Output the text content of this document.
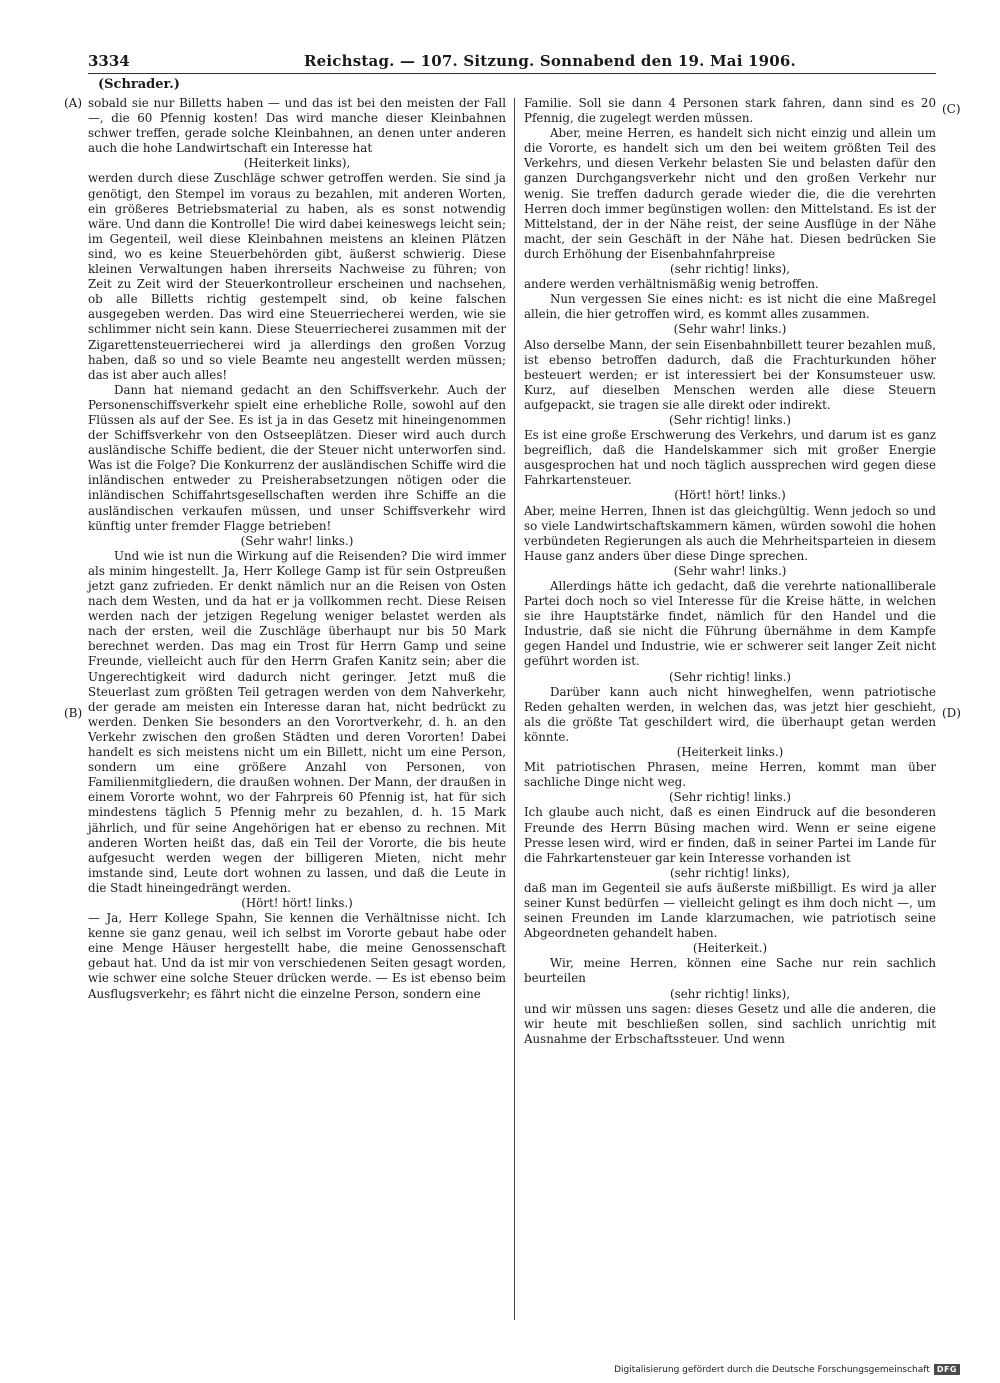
3334	Reichstag. — 107. Sitzung. Sonnabend den 19. Mai 1906.
(Schrader.)
(A)
(B)
(C)
(D)

sobald sie nur Billetts haben — und das ist bei den meisten der Fall —, die 60 Pfennig kosten! Das wird manche dieser Kleinbahnen schwer treffen, gerade solche Kleinbahnen, an denen unter anderen auch die hohe Landwirtschaft ein Interesse hat

(Heiterkeit links),

werden durch diese Zuschläge schwer getroffen werden. Sie sind ja genötigt, den Stempel im voraus zu bezahlen, mit anderen Worten, ein größeres Betriebsmaterial zu haben, als es sonst notwendig wäre. Und dann die Kontrolle! Die wird dabei keineswegs leicht sein; im Gegenteil, weil diese Kleinbahnen meistens an kleinen Plätzen sind, wo es keine Steuerbehörden gibt, äußerst schwierig. Diese kleinen Verwaltungen haben ihrerseits Nachweise zu führen; von Zeit zu Zeit wird der Steuerkontrolleur erscheinen und nachsehen, ob alle Billetts richtig gestempelt sind, ob keine falschen ausgegeben werden. Das wird eine Steuerriecherei werden, wie sie schlimmer nicht sein kann. Diese Steuerriecherei zusammen mit der Zigarettensteuerriecherei wird ja allerdings den großen Vorzug haben, daß so und so viele Beamte neu angestellt werden müssen; das ist aber auch alles!

Dann hat niemand gedacht an den Schiffsverkehr. Auch der Personenschiffsverkehr spielt eine erhebliche Rolle, sowohl auf den Flüssen als auf der See. Es ist ja in das Gesetz mit hineingenommen der Schiffsverkehr von den Ostseeplätzen. Dieser wird auch durch ausländische Schiffe bedient, die der Steuer nicht unterworfen sind. Was ist die Folge? Die Konkurrenz der ausländischen Schiffe wird die inländischen entweder zu Preisherabsetzungen nötigen oder die inländischen Schiffahrtsgesellschaften werden ihre Schiffe an die ausländischen verkaufen müssen, und unser Schiffsverkehr wird künftig unter fremder Flagge betrieben!

(Sehr wahr! links.)

Und wie ist nun die Wirkung auf die Reisenden? Die wird immer als minim hingestellt. Ja, Herr Kollege Gamp ist für sein Ostpreußen jetzt ganz zufrieden. Er denkt nämlich nur an die Reisen von Osten nach dem Westen, und da hat er ja vollkommen recht. Diese Reisen werden nach der jetzigen Regelung weniger belastet werden als nach der ersten, weil die Zuschläge überhaupt nur bis 50 Mark berechnet werden. Das mag ein Trost für Herrn Gamp und seine Freunde, vielleicht auch für den Herrn Grafen Kanitz sein; aber die Ungerechtigkeit wird dadurch nicht geringer. Jetzt muß die Steuerlast zum größten Teil getragen werden von dem Nahverkehr, der gerade am meisten ein Interesse daran hat, nicht bedrückt zu werden. Denken Sie besonders an den Vorortverkehr, d. h. an den Verkehr zwischen den großen Städten und deren Vororten! Dabei handelt es sich meistens nicht um ein Billett, nicht um eine Person, sondern um eine größere Anzahl von Personen, von Familienmitgliedern, die draußen wohnen. Der Mann, der draußen in einem Vororte wohnt, wo der Fahrpreis 60 Pfennig ist, hat für sich mindestens täglich 5 Pfennig mehr zu bezahlen, d. h. 15 Mark jährlich, und für seine Angehörigen hat er ebenso zu rechnen. Mit anderen Worten heißt das, daß ein Teil der Vororte, die bis heute aufgesucht werden wegen der billigeren Mieten, nicht mehr imstande sind, Leute dort wohnen zu lassen, und daß die Leute in die Stadt hineingedrängt werden.

(Hört! hört! links.)

— Ja, Herr Kollege Spahn, Sie kennen die Verhältnisse nicht. Ich kenne sie ganz genau, weil ich selbst im Vororte gebaut habe oder eine Menge Häuser hergestellt habe, die meine Genossenschaft gebaut hat. Und da ist mir von verschiedenen Seiten gesagt worden, wie schwer eine solche Steuer drücken werde. — Es ist ebenso beim Ausflugsverkehr; es fährt nicht die einzelne Person, sondern eine

Familie. Soll sie dann 4 Personen stark fahren, dann sind es 20 Pfennig, die zugelegt werden müssen.

Aber, meine Herren, es handelt sich nicht einzig und allein um die Vororte, es handelt sich um den bei weitem größten Teil des Verkehrs, und diesen Verkehr belasten Sie und belasten dafür den ganzen Durchgangsverkehr nicht und den großen Verkehr nur wenig. Sie treffen dadurch gerade wieder die, die die verehrten Herren doch immer begünstigen wollen: den Mittelstand. Es ist der Mittelstand, der in der Nähe reist, der seine Ausflüge in der Nähe macht, der sein Geschäft in der Nähe hat. Diesen bedrücken Sie durch Erhöhung der Eisenbahnfahrpreise

(sehr richtig! links),

andere werden verhältnismäßig wenig betroffen.

Nun vergessen Sie eines nicht: es ist nicht die eine Maßregel allein, die hier getroffen wird, es kommt alles zusammen.

(Sehr wahr! links.)

Also derselbe Mann, der sein Eisenbahnbillett teurer bezahlen muß, ist ebenso betroffen dadurch, daß die Frachturkunden höher besteuert werden; er ist interessiert bei der Konsumsteuer usw. Kurz, auf dieselben Menschen werden alle diese Steuern aufgepackt, sie tragen sie alle direkt oder indirekt.

(Sehr richtig! links.)

Es ist eine große Erschwerung des Verkehrs, und darum ist es ganz begreiflich, daß die Handelskammer sich mit großer Energie ausgesprochen hat und noch täglich aussprechen wird gegen diese Fahrkartensteuer.

(Hört! hört! links.)

Aber, meine Herren, Ihnen ist das gleichgültig. Wenn jedoch so und so viele Landwirtschaftskammern kämen, würden sowohl die hohen verbündeten Regierungen als auch die Mehrheitsparteien in diesem Hause ganz anders über diese Dinge sprechen.

(Sehr wahr! links.)

Allerdings hätte ich gedacht, daß die verehrte nationalliberale Partei doch noch so viel Interesse für die Kreise hätte, in welchen sie ihre Hauptstärke findet, nämlich für den Handel und die Industrie, daß sie nicht die Führung übernähme in dem Kampfe gegen Handel und Industrie, wie er schwerer seit langer Zeit nicht geführt worden ist.

(Sehr richtig! links.)

Darüber kann auch nicht hinweghelfen, wenn patriotische Reden gehalten werden, in welchen das, was jetzt hier geschieht, als die größte Tat geschildert wird, die überhaupt getan werden könnte.

(Heiterkeit links.)

Mit patriotischen Phrasen, meine Herren, kommt man über sachliche Dinge nicht weg.

(Sehr richtig! links.)

Ich glaube auch nicht, daß es einen Eindruck auf die besonderen Freunde des Herrn Büsing machen wird. Wenn er seine eigene Presse lesen wird, wird er finden, daß in seiner Partei im Lande für die Fahrkartensteuer gar kein Interesse vorhanden ist

(sehr richtig! links),

daß man im Gegenteil sie aufs äußerste mißbilligt. Es wird ja aller seiner Kunst bedürfen — vielleicht gelingt es ihm doch nicht —, um seinen Freunden im Lande klarzumachen, wie patriotisch seine Abgeordneten gehandelt haben.

(Heiterkeit.)

Wir, meine Herren, können eine Sache nur rein sachlich beurteilen

(sehr richtig! links),

und wir müssen uns sagen: dieses Gesetz und alle die anderen, die wir heute mit beschließen sollen, sind sachlich unrichtig mit Ausnahme der Erbschaftssteuer. Und wenn

Digitalisierung gefördert durch die Deutsche Forschungsgemeinschaft DFG
